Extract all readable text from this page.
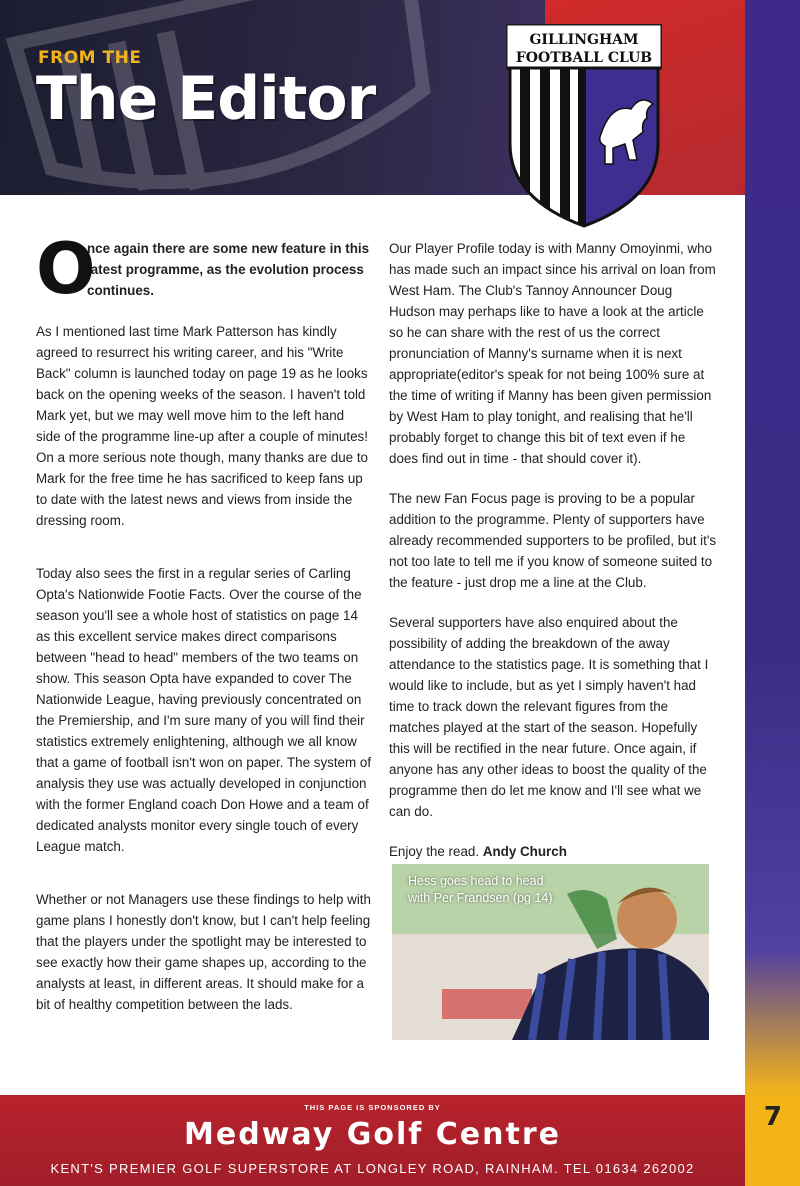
FROM THE
The Editor
GILLINGHAM
FOOTBALL CLUB

O
nce again there are some new feature in this latest programme, as the evolution process continues.

As I mentioned last time Mark Patterson has kindly agreed to resurrect his writing career, and his "Write Back" column is launched today on page 19 as he looks back on the opening weeks of the season. I haven't told Mark yet, but we may well move him to the left hand side of the programme line-up after a couple of minutes! On a more serious note though, many thanks are due to Mark for the free time he has sacrificed to keep fans up to date with the latest news and views from inside the dressing room.

Today also sees the first in a regular series of Carling Opta's Nationwide Footie Facts. Over the course of the season you'll see a whole host of statistics on page 14 as this excellent service makes direct comparisons between "head to head" members of the two teams on show. This season Opta have expanded to cover The Nationwide League, having previously concentrated on the Premiership, and I'm sure many of you will find their statistics extremely enlightening, although we all know that a game of football isn't won on paper. The system of analysis they use was actually developed in conjunction with the former England coach Don Howe and a team of dedicated analysts monitor every single touch of every League match.

Whether or not Managers use these findings to help with game plans I honestly don't know, but I can't help feeling that the players under the spotlight may be interested to see exactly how their game shapes up, according to the analysts at least, in different areas. It should make for a bit of healthy competition between the lads.

Our Player Profile today is with Manny Omoyinmi, who has made such an impact since his arrival on loan from West Ham. The Club's Tannoy Announcer Doug Hudson may perhaps like to have a look at the article so he can share with the rest of us the correct pronunciation of Manny's surname when it is next appropriate(editor's speak for not being 100% sure at the time of writing if Manny has been given permission by West Ham to play tonight, and realising that he'll probably forget to change this bit of text even if he does find out in time - that should cover it).

The new Fan Focus page is proving to be a popular addition to the programme. Plenty of supporters have already recommended supporters to be profiled, but it's not too late to tell me if you know of someone suited to the feature - just drop me a line at the Club.

Several supporters have also enquired about the possibility of adding the breakdown of the away attendance to the statistics page. It is something that I would like to include, but as yet I simply haven't had time to track down the relevant figures from the matches played at the start of the season. Hopefully this will be rectified in the near future. Once again, if anyone has any other ideas to boost the quality of the programme then do let me know and I'll see what we can do.

Enjoy the read. Andy Church

Hess goes head to head
with Per Frandsen (pg 14)
THIS PAGE IS SPONSORED BY
Medway Golf Centre
KENT'S PREMIER GOLF SUPERSTORE AT LONGLEY ROAD, RAINHAM. TEL 01634 262002
7
